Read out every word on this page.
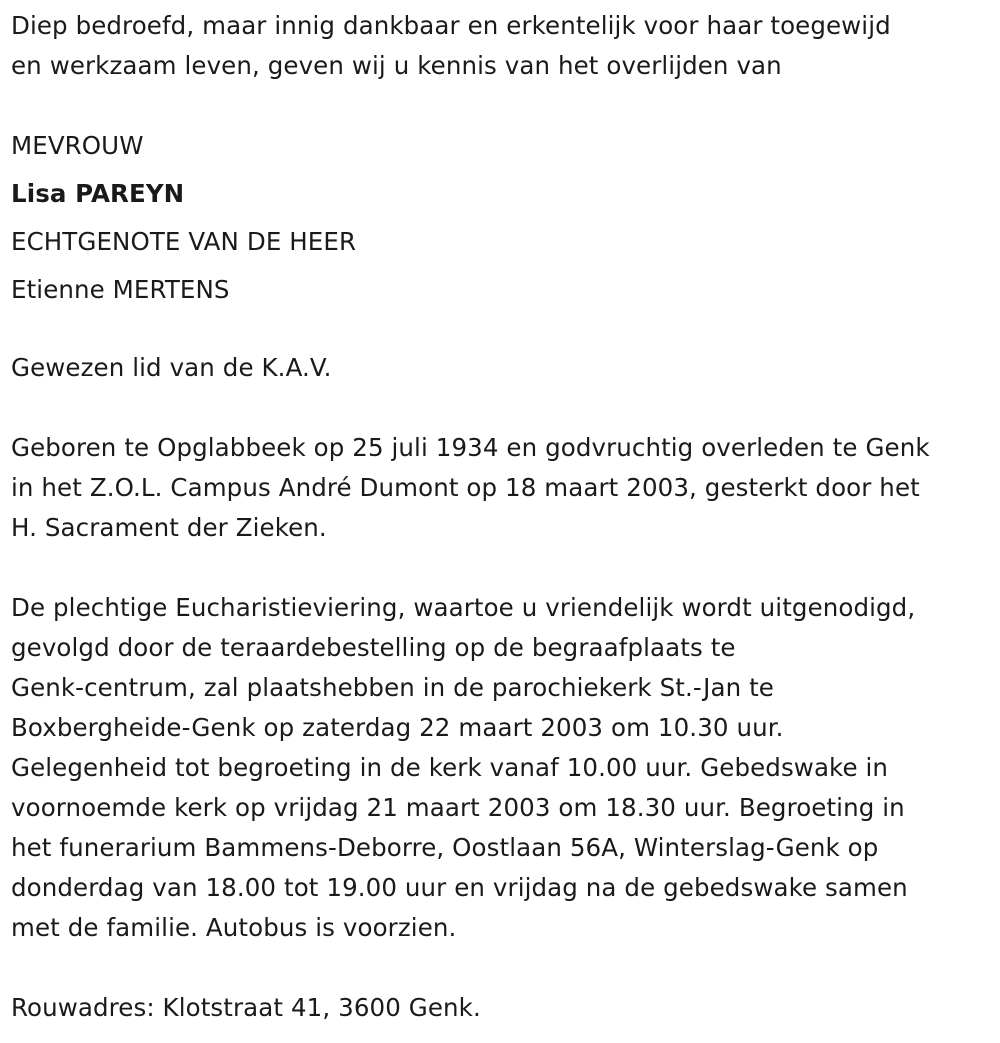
Diep bedroefd, maar innig dankbaar en erkentelijk voor haar toegewijd
en werkzaam leven, geven wij u kennis van het overlijden van
MEVROUW
Lisa PAREYN
ECHTGENOTE VAN DE HEER
Etienne MERTENS
Gewezen lid van de K.A.V.
Geboren te Opglabbeek op 25 juli 1934 en godvruchtig overleden te Genk
in het Z.O.L. Campus André Dumont op 18 maart 2003, gesterkt door het
H. Sacrament der Zieken.
De plechtige Eucharistieviering, waartoe u vriendelijk wordt uitgenodigd,
gevolgd door de teraardebestelling op de begraafplaats te
Genk-centrum, zal plaatshebben in de parochiekerk St.-Jan te
Boxbergheide-Genk op zaterdag 22 maart 2003 om 10.30 uur.
Gelegenheid tot begroeting in de kerk vanaf 10.00 uur. Gebedswake in
voornoemde kerk op vrijdag 21 maart 2003 om 18.30 uur. Begroeting in
het funerarium Bammens-Deborre, Oostlaan 56A, Winterslag-Genk op
donderdag van 18.00 tot 19.00 uur en vrijdag na de gebedswake samen
met de familie. Autobus is voorzien.
Rouwadres: Klotstraat 41, 3600 Genk.
